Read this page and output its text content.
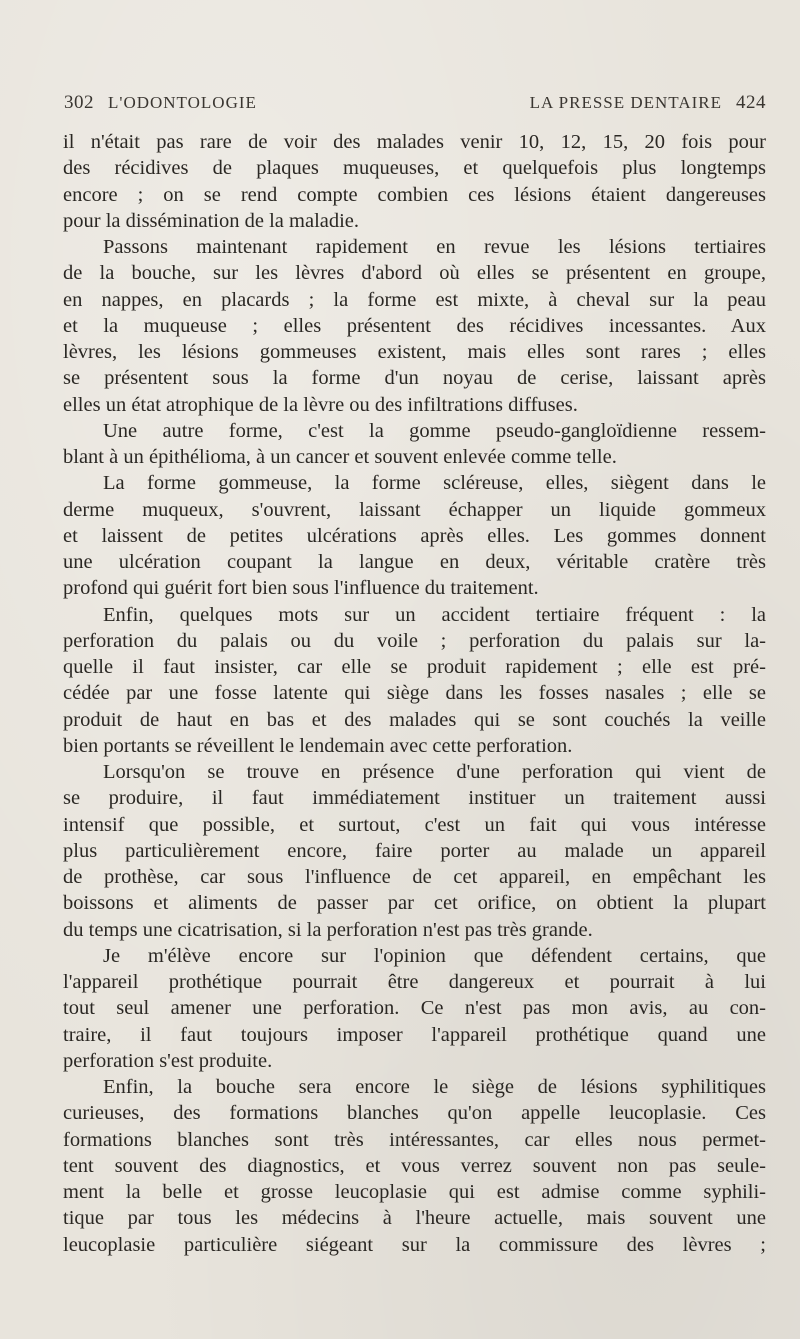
302 L'ODONTOLOGIE	LA PRESSE DENTAIRE 424
il n'était pas rare de voir des malades venir 10, 12, 15, 20 fois pour
des récidives de plaques muqueuses, et quelquefois plus longtemps
encore ; on se rend compte combien ces lésions étaient dangereuses
pour la dissémination de la maladie.
Passons maintenant rapidement en revue les lésions tertiaires
de la bouche, sur les lèvres d'abord où elles se présentent en groupe,
en nappes, en placards ; la forme est mixte, à cheval sur la peau
et la muqueuse ; elles présentent des récidives incessantes. Aux
lèvres, les lésions gommeuses existent, mais elles sont rares ; elles
se présentent sous la forme d'un noyau de cerise, laissant après
elles un état atrophique de la lèvre ou des infiltrations diffuses.
Une autre forme, c'est la gomme pseudo-gangloïdienne ressem-
blant à un épithélioma, à un cancer et souvent enlevée comme telle.
La forme gommeuse, la forme scléreuse, elles, siègent dans le
derme muqueux, s'ouvrent, laissant échapper un liquide gommeux
et laissent de petites ulcérations après elles. Les gommes donnent
une ulcération coupant la langue en deux, véritable cratère très
profond qui guérit fort bien sous l'influence du traitement.
Enfin, quelques mots sur un accident tertiaire fréquent : la
perforation du palais ou du voile ; perforation du palais sur la-
quelle il faut insister, car elle se produit rapidement ; elle est pré-
cédée par une fosse latente qui siège dans les fosses nasales ; elle se
produit de haut en bas et des malades qui se sont couchés la veille
bien portants se réveillent le lendemain avec cette perforation.
Lorsqu'on se trouve en présence d'une perforation qui vient de
se produire, il faut immédiatement instituer un traitement aussi
intensif que possible, et surtout, c'est un fait qui vous intéresse
plus particulièrement encore, faire porter au malade un appareil
de prothèse, car sous l'influence de cet appareil, en empêchant les
boissons et aliments de passer par cet orifice, on obtient la plupart
du temps une cicatrisation, si la perforation n'est pas très grande.
Je m'élève encore sur l'opinion que défendent certains, que
l'appareil prothétique pourrait être dangereux et pourrait à lui
tout seul amener une perforation. Ce n'est pas mon avis, au con-
traire, il faut toujours imposer l'appareil prothétique quand une
perforation s'est produite.
Enfin, la bouche sera encore le siège de lésions syphilitiques
curieuses, des formations blanches qu'on appelle leucoplasie. Ces
formations blanches sont très intéressantes, car elles nous permet-
tent souvent des diagnostics, et vous verrez souvent non pas seule-
ment la belle et grosse leucoplasie qui est admise comme syphili-
tique par tous les médecins à l'heure actuelle, mais souvent une
leucoplasie particulière siégeant sur la commissure des lèvres ;
